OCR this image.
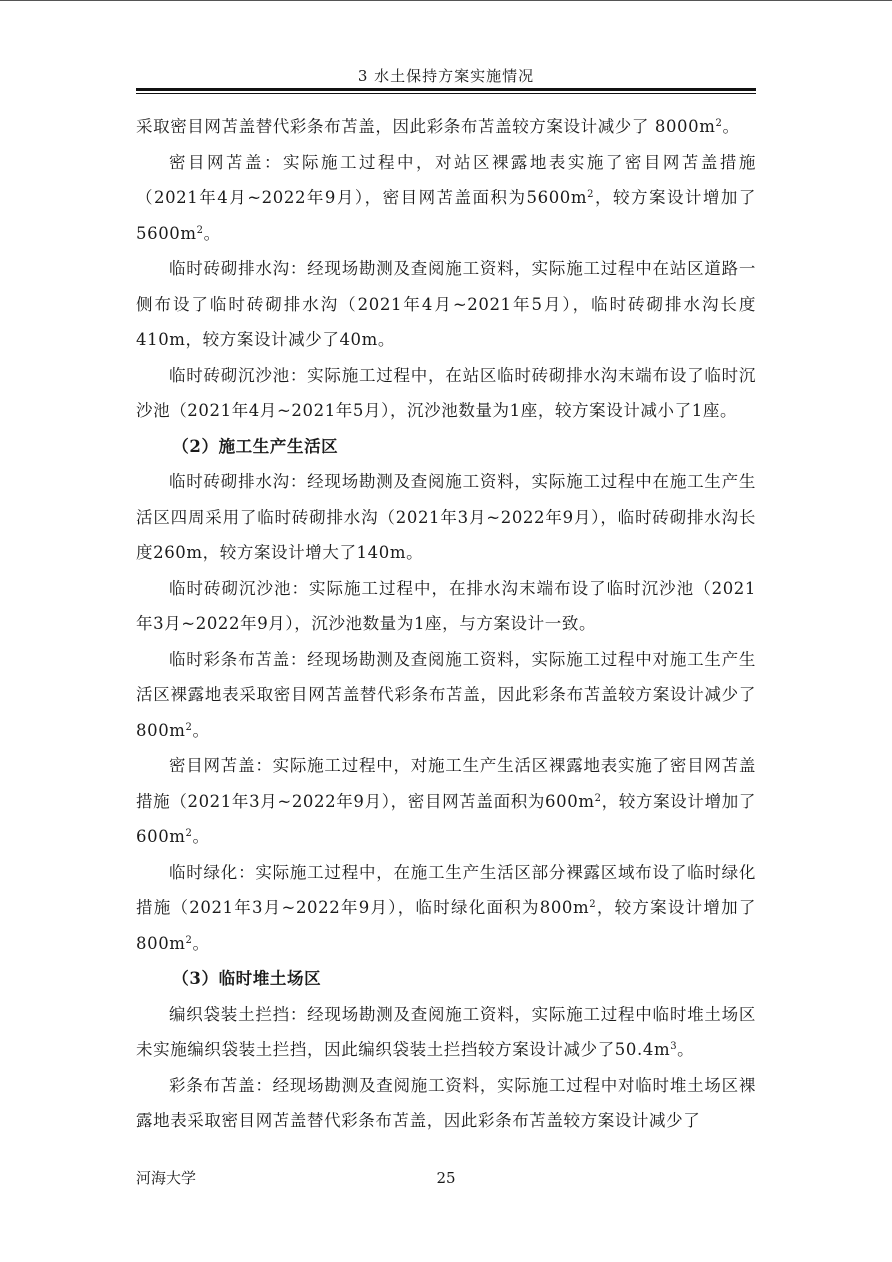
3 水土保持方案实施情况

采取密目网苫盖替代彩条布苫盖，因此彩条布苫盖较方案设计减少了 $8000m^2$。

密目网苫盖：实际施工过程中，对站区裸露地表实施了密目网苫盖措施（2021年4月~2022年9月），密目网苫盖面积为$5600m^2$，较方案设计增加了$5600m^2$。

临时砖砌排水沟：经现场勘测及查阅施工资料，实际施工过程中在站区道路一侧布设了临时砖砌排水沟（2021年4月~2021年5月），临时砖砌排水沟长度410m，较方案设计减少了40m。

临时砖砌沉沙池：实际施工过程中，在站区临时砖砌排水沟末端布设了临时沉沙池（2021年4月~2021年5月），沉沙池数量为1座，较方案设计减小了1座。

（2）施工生产生活区

临时砖砌排水沟：经现场勘测及查阅施工资料，实际施工过程中在施工生产生活区四周采用了临时砖砌排水沟（2021年3月~2022年9月），临时砖砌排水沟长度260m，较方案设计增大了140m。

临时砖砌沉沙池：实际施工过程中，在排水沟末端布设了临时沉沙池（2021年3月~2022年9月），沉沙池数量为1座，与方案设计一致。

临时彩条布苫盖：经现场勘测及查阅施工资料，实际施工过程中对施工生产生活区裸露地表采取密目网苫盖替代彩条布苫盖，因此彩条布苫盖较方案设计减少了$800m^2$。

密目网苫盖：实际施工过程中，对施工生产生活区裸露地表实施了密目网苫盖措施（2021年3月~2022年9月），密目网苫盖面积为$600m^2$，较方案设计增加了$600m^2$。

临时绿化：实际施工过程中，在施工生产生活区部分裸露区域布设了临时绿化措施（2021年3月~2022年9月），临时绿化面积为$800m^2$，较方案设计增加了$800m^2$。

（3）临时堆土场区

编织袋装土拦挡：经现场勘测及查阅施工资料，实际施工过程中临时堆土场区未实施编织袋装土拦挡，因此编织袋装土拦挡较方案设计减少了$50.4m^3$。

彩条布苫盖：经现场勘测及查阅施工资料，实际施工过程中对临时堆土场区裸露地表采取密目网苫盖替代彩条布苫盖，因此彩条布苫盖较方案设计减少了

河海大学	25
